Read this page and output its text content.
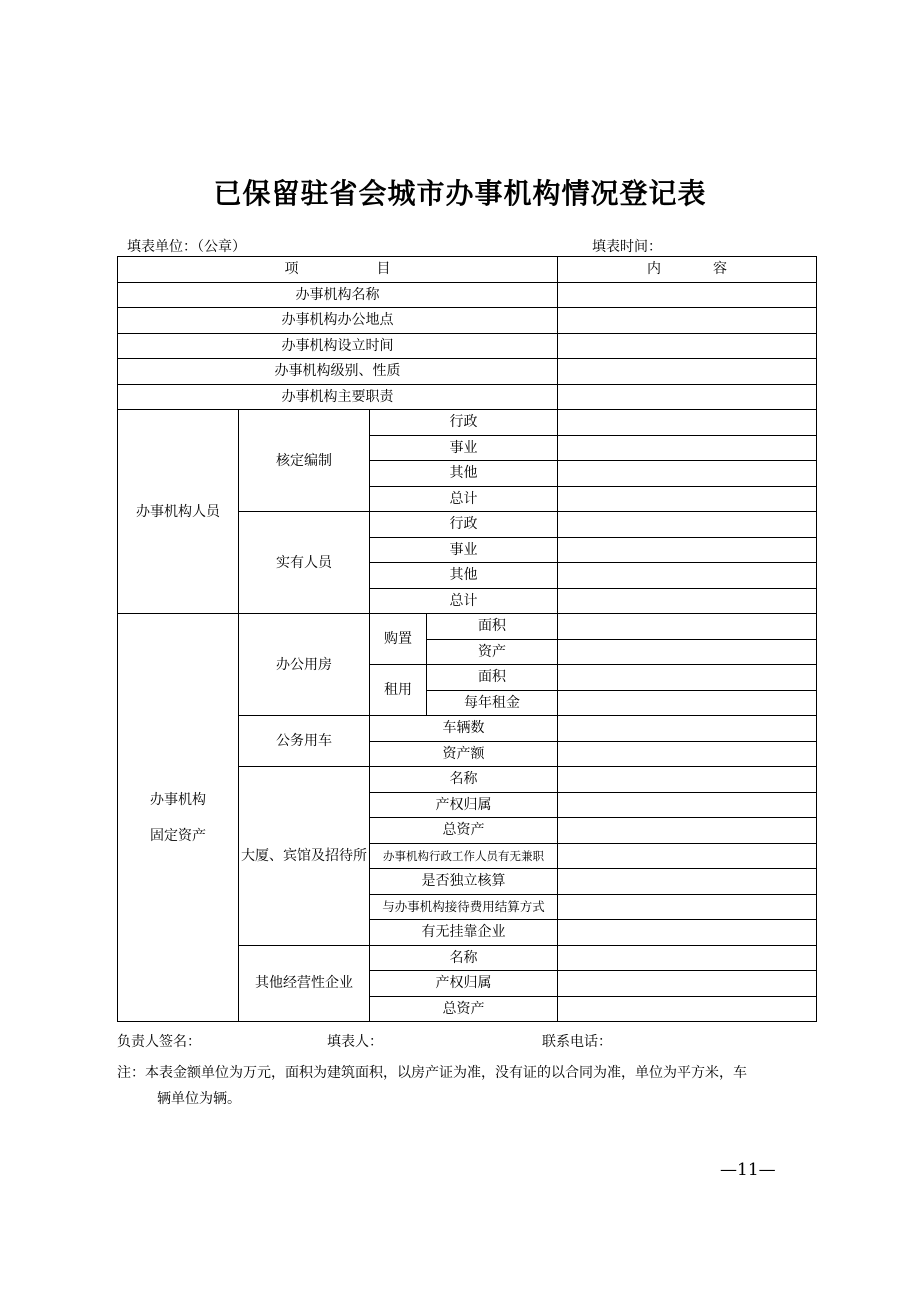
已保留驻省会城市办事机构情况登记表
填表单位：（公章）	填表时间：
项 目				内 容
办事机构名称				
办事机构办公地点				
办事机构设立时间				
办事机构级别、性质				
办事机构主要职责				
办事机构人员	核定编制	行政		
		事业		
		其他		
		总计		
	实有人员	行政		
		事业		
		其他		
		总计		

办事机构
固定资产	办公用房	购置	面积	
			资产	
		租用	面积	
			每年租金	
	公务用车	车辆数		
		资产额		
	大厦、宾馆及招待所	名称		
		产权归属		
		总资产		
		办事机构行政工作人员有无兼职		
		是否独立核算		
		与办事机构接待费用结算方式		
		有无挂靠企业		
	其他经营性企业	名称		
		产权归属		
		总资产		
负责人签名：	填表人：	联系电话：
注：本表金额单位为万元，面积为建筑面积，以房产证为准，没有证的以合同为准，单位为平方米，车
辆单位为辆。
—11—
